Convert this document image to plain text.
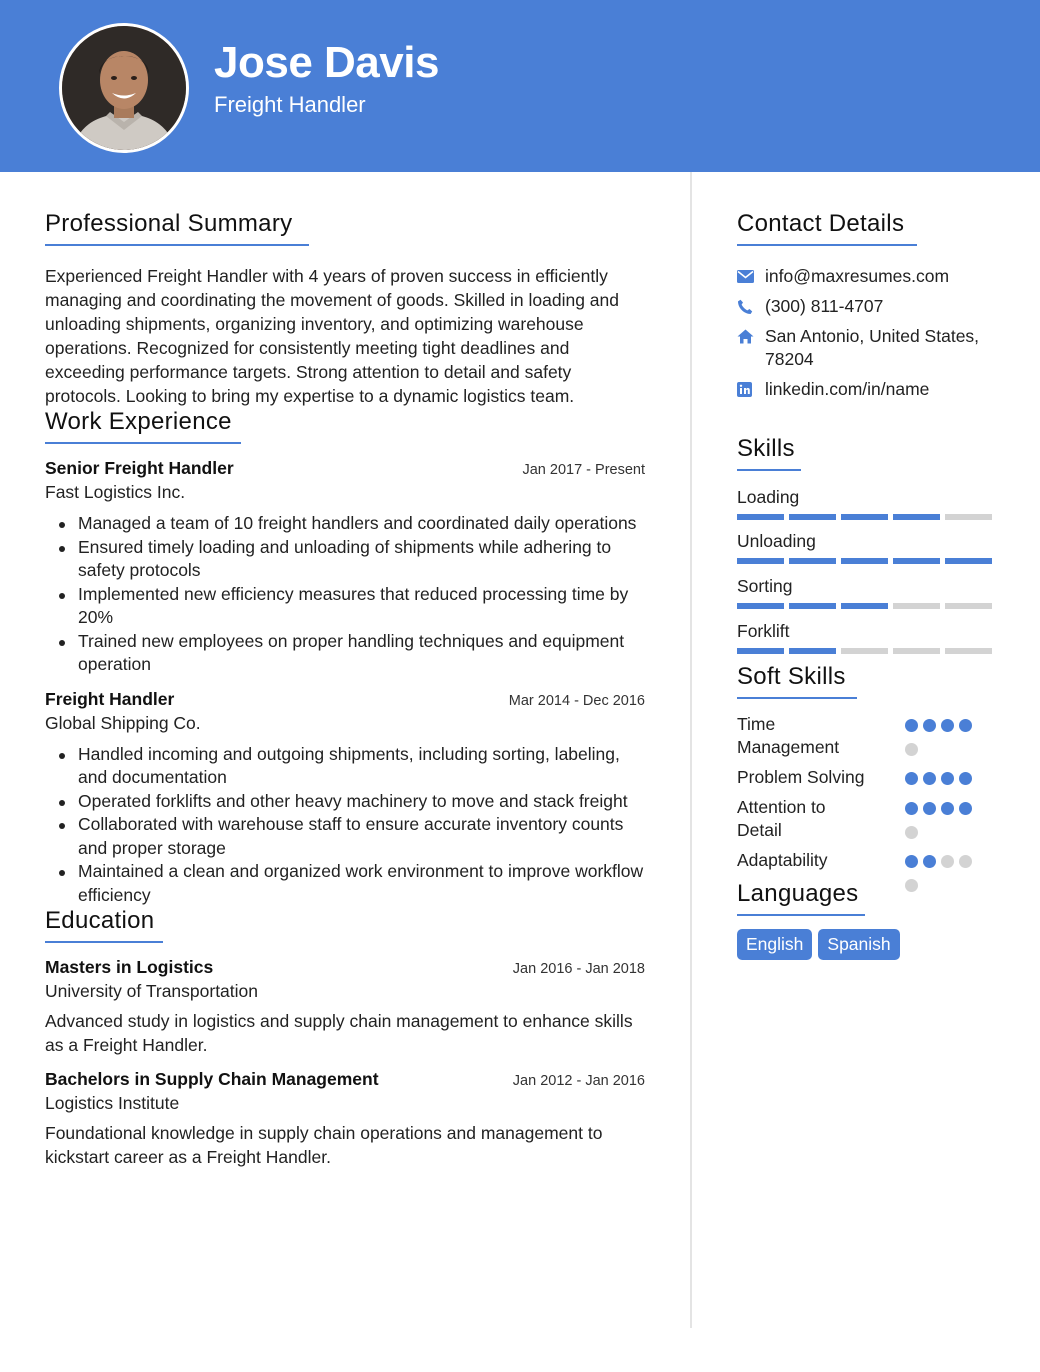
Jose Davis
Freight Handler
Professional Summary

Experienced Freight Handler with 4 years of proven success in efficiently managing and coordinating the movement of goods. Skilled in loading and unloading shipments, organizing inventory, and optimizing warehouse operations. Recognized for consistently meeting tight deadlines and exceeding performance targets. Strong attention to detail and safety protocols. Looking to bring my expertise to a dynamic logistics team.

Work Experience
Senior Freight Handler	Jan 2017 - Present
Fast Logistics Inc.
Managed a team of 10 freight handlers and coordinated daily operations
Ensured timely loading and unloading of shipments while adhering to safety protocols
Implemented new efficiency measures that reduced processing time by 20%
Trained new employees on proper handling techniques and equipment operation
Freight Handler	Mar 2014 - Dec 2016
Global Shipping Co.
Handled incoming and outgoing shipments, including sorting, labeling, and documentation
Operated forklifts and other heavy machinery to move and stack freight
Collaborated with warehouse staff to ensure accurate inventory counts and proper storage
Maintained a clean and organized work environment to improve workflow efficiency
Education
Masters in Logistics	Jan 2016 - Jan 2018
University of Transportation

Advanced study in logistics and supply chain management to enhance skills as a Freight Handler.

Bachelors in Supply Chain Management	Jan 2012 - Jan 2016
Logistics Institute

Foundational knowledge in supply chain operations and management to kickstart career as a Freight Handler.

Contact Details
info@maxresumes.com
(300) 811-4707
San Antonio, United States, 78204
linkedin.com/in/name
Skills
Loading
Unloading
Sorting
Forklift
Soft Skills
Time Management
Problem Solving
Attention to Detail
Adaptability
Languages
English	Spanish
